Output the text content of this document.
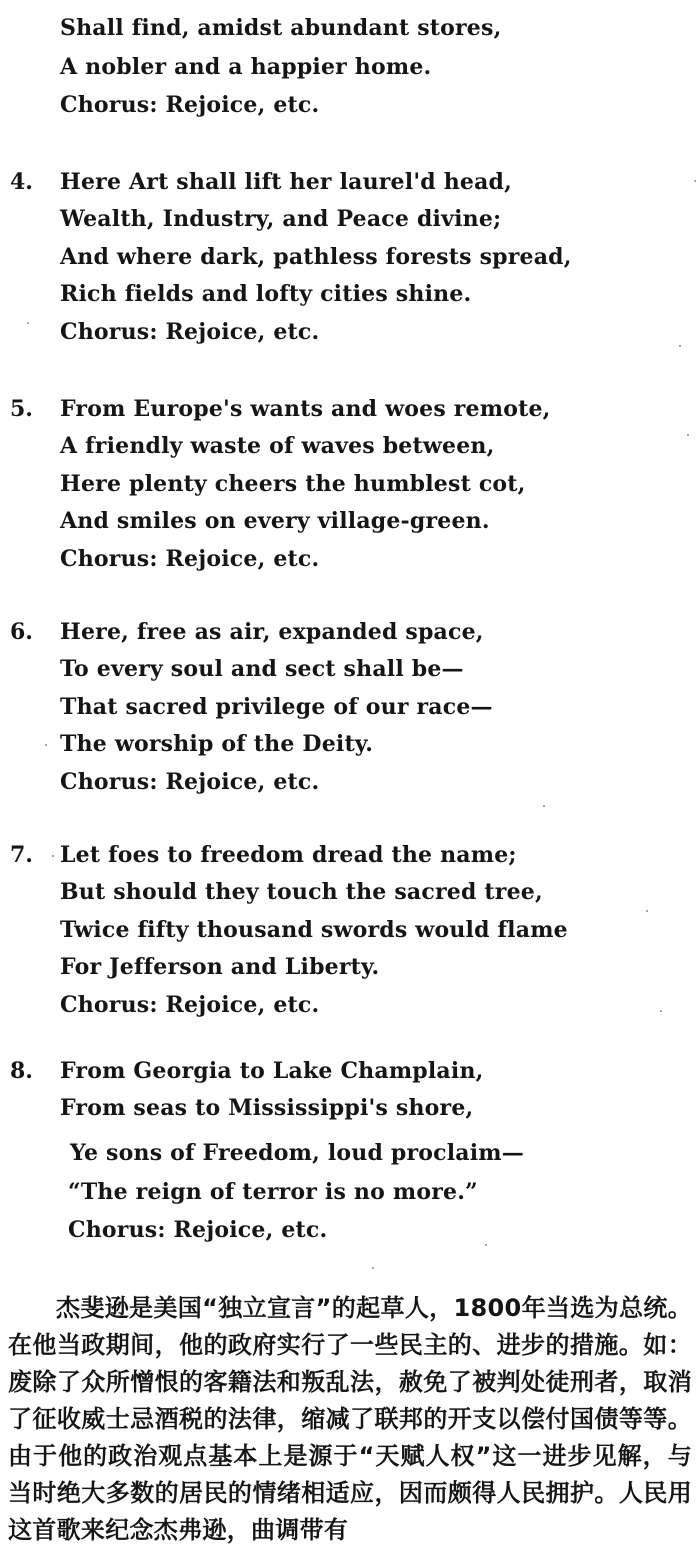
Shall find, amidst abundant stores,
A nobler and a happier home.
Chorus: Rejoice, etc.
4. Here Art shall lift her laurel'd head,
Wealth, Industry, and Peace divine;
And where dark, pathless forests spread,
Rich fields and lofty cities shine.
Chorus: Rejoice, etc.
5. From Europe's wants and woes remote,
A friendly waste of waves between,
Here plenty cheers the humblest cot,
And smiles on every village-green.
Chorus: Rejoice, etc.
6. Here, free as air, expanded space,
To every soul and sect shall be—
That sacred privilege of our race—
The worship of the Deity.
Chorus: Rejoice, etc.
7. Let foes to freedom dread the name;
But should they touch the sacred tree,
Twice fifty thousand swords would flame
For Jefferson and Liberty.
Chorus: Rejoice, etc.
8. From Georgia to Lake Champlain,
From seas to Mississippi's shore,
Ye sons of Freedom, loud proclaim—
“The reign of terror is no more.”
Chorus: Rejoice, etc.

杰斐逊是美国“独立宣言”的起草人，1800年当选为总统。在他当政期间，他的政府实行了一些民主的、进步的措施。如：废除了众所憎恨的客籍法和叛乱法，赦免了被判处徒刑者，取消了征收威士忌酒税的法律，缩减了联邦的开支以偿付国债等等。由于他的政治观点基本上是源于“天赋人权”这一进步见解，与当时绝大多数的居民的情绪相适应，因而颇得人民拥护。人民用这首歌来纪念杰弗逊，曲调带有
